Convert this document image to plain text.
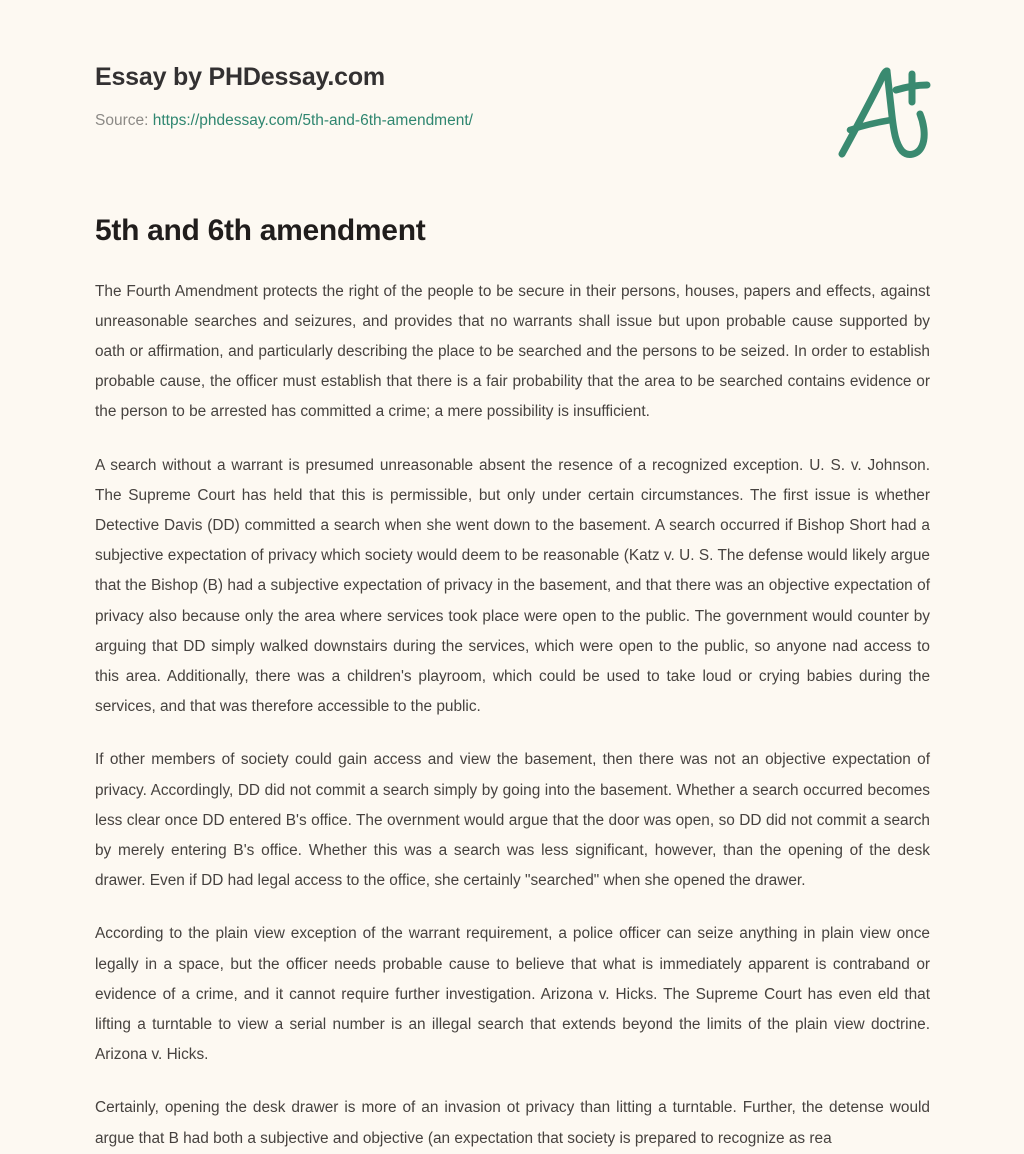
Essay by PHDessay.com
Source: https://phdessay.com/5th-and-6th-amendment/
5th and 6th amendment

The Fourth Amendment protects the right of the people to be secure in their persons, houses, papers and effects, against unreasonable searches and seizures, and provides that no warrants shall issue but upon probable cause supported by oath or affirmation, and particularly describing the place to be searched and the persons to be seized. In order to establish probable cause, the officer must establish that there is a fair probability that the area to be searched contains evidence or the person to be arrested has committed a crime; a mere possibility is insufficient.

A search without a warrant is presumed unreasonable absent the resence of a recognized exception. U. S. v. Johnson. The Supreme Court has held that this is permissible, but only under certain circumstances. The first issue is whether Detective Davis (DD) committed a search when she went down to the basement. A search occurred if Bishop Short had a subjective expectation of privacy which society would deem to be reasonable (Katz v. U. S. The defense would likely argue that the Bishop (B) had a subjective expectation of privacy in the basement, and that there was an objective expectation of privacy also because only the area where services took place were open to the public. The government would counter by arguing that DD simply walked downstairs during the services, which were open to the public, so anyone nad access to this area. Additionally, there was a children's playroom, which could be used to take loud or crying babies during the services, and that was therefore accessible to the public.

If other members of society could gain access and view the basement, then there was not an objective expectation of privacy. Accordingly, DD did not commit a search simply by going into the basement. Whether a search occurred becomes less clear once DD entered B's office. The overnment would argue that the door was open, so DD did not commit a search by merely entering B's office. Whether this was a search was less significant, however, than the opening of the desk drawer. Even if DD had legal access to the office, she certainly "searched" when she opened the drawer.

According to the plain view exception of the warrant requirement, a police officer can seize anything in plain view once legally in a space, but the officer needs probable cause to believe that what is immediately apparent is contraband or evidence of a crime, and it cannot require further investigation. Arizona v. Hicks. The Supreme Court has even eld that lifting a turntable to view a serial number is an illegal search that extends beyond the limits of the plain view doctrine. Arizona v. Hicks.

Certainly, opening the desk drawer is more of an invasion ot privacy than litting a turntable. Further, the detense would argue that B had both a subjective and objective (an expectation that society is prepared to recognize as rea
